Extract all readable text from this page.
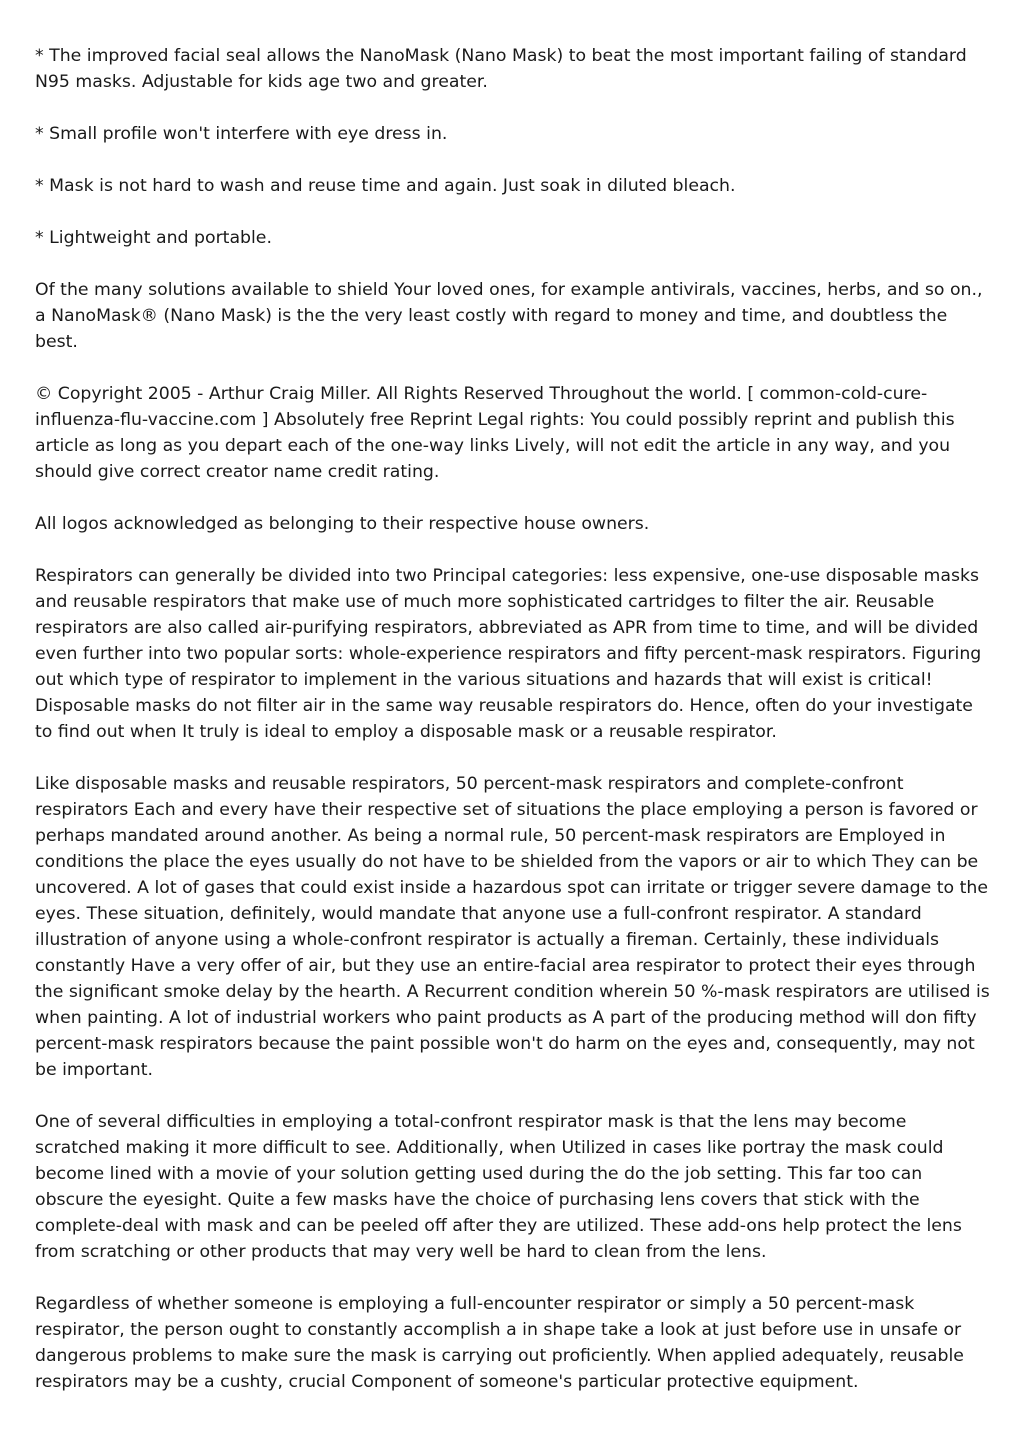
* The improved facial seal allows the NanoMask (Nano Mask) to beat the most important failing of standard N95 masks. Adjustable for kids age two and greater.

* Small profile won't interfere with eye dress in.

* Mask is not hard to wash and reuse time and again. Just soak in diluted bleach.

* Lightweight and portable.

Of the many solutions available to shield Your loved ones, for example antivirals, vaccines, herbs, and so on., a NanoMask® (Nano Mask) is the the very least costly with regard to money and time, and doubtless the best.

© Copyright 2005 - Arthur Craig Miller. All Rights Reserved Throughout the world. [ common-cold-cure-influenza-flu-vaccine.com ] Absolutely free Reprint Legal rights: You could possibly reprint and publish this article as long as you depart each of the one-way links Lively, will not edit the article in any way, and you should give correct creator name credit rating.

All logos acknowledged as belonging to their respective house owners.

Respirators can generally be divided into two Principal categories: less expensive, one-use disposable masks and reusable respirators that make use of much more sophisticated cartridges to filter the air. Reusable respirators are also called air-purifying respirators, abbreviated as APR from time to time, and will be divided even further into two popular sorts: whole-experience respirators and fifty percent-mask respirators. Figuring out which type of respirator to implement in the various situations and hazards that will exist is critical! Disposable masks do not filter air in the same way reusable respirators do. Hence, often do your investigate to find out when It truly is ideal to employ a disposable mask or a reusable respirator.

Like disposable masks and reusable respirators, 50 percent-mask respirators and complete-confront respirators Each and every have their respective set of situations the place employing a person is favored or perhaps mandated around another. As being a normal rule, 50 percent-mask respirators are Employed in conditions the place the eyes usually do not have to be shielded from the vapors or air to which They can be uncovered. A lot of gases that could exist inside a hazardous spot can irritate or trigger severe damage to the eyes. These situation, definitely, would mandate that anyone use a full-confront respirator. A standard illustration of anyone using a whole-confront respirator is actually a fireman. Certainly, these individuals constantly Have a very offer of air, but they use an entire-facial area respirator to protect their eyes through the significant smoke delay by the hearth. A Recurrent condition wherein 50 %-mask respirators are utilised is when painting. A lot of industrial workers who paint products as A part of the producing method will don fifty percent-mask respirators because the paint possible won't do harm on the eyes and, consequently, may not be important.

One of several difficulties in employing a total-confront respirator mask is that the lens may become scratched making it more difficult to see. Additionally, when Utilized in cases like portray the mask could become lined with a movie of your solution getting used during the do the job setting. This far too can obscure the eyesight. Quite a few masks have the choice of purchasing lens covers that stick with the complete-deal with mask and can be peeled off after they are utilized. These add-ons help protect the lens from scratching or other products that may very well be hard to clean from the lens.

Regardless of whether someone is employing a full-encounter respirator or simply a 50 percent-mask respirator, the person ought to constantly accomplish a in shape take a look at just before use in unsafe or dangerous problems to make sure the mask is carrying out proficiently. When applied adequately, reusable respirators may be a cushty, crucial Component of someone's particular protective equipment.
